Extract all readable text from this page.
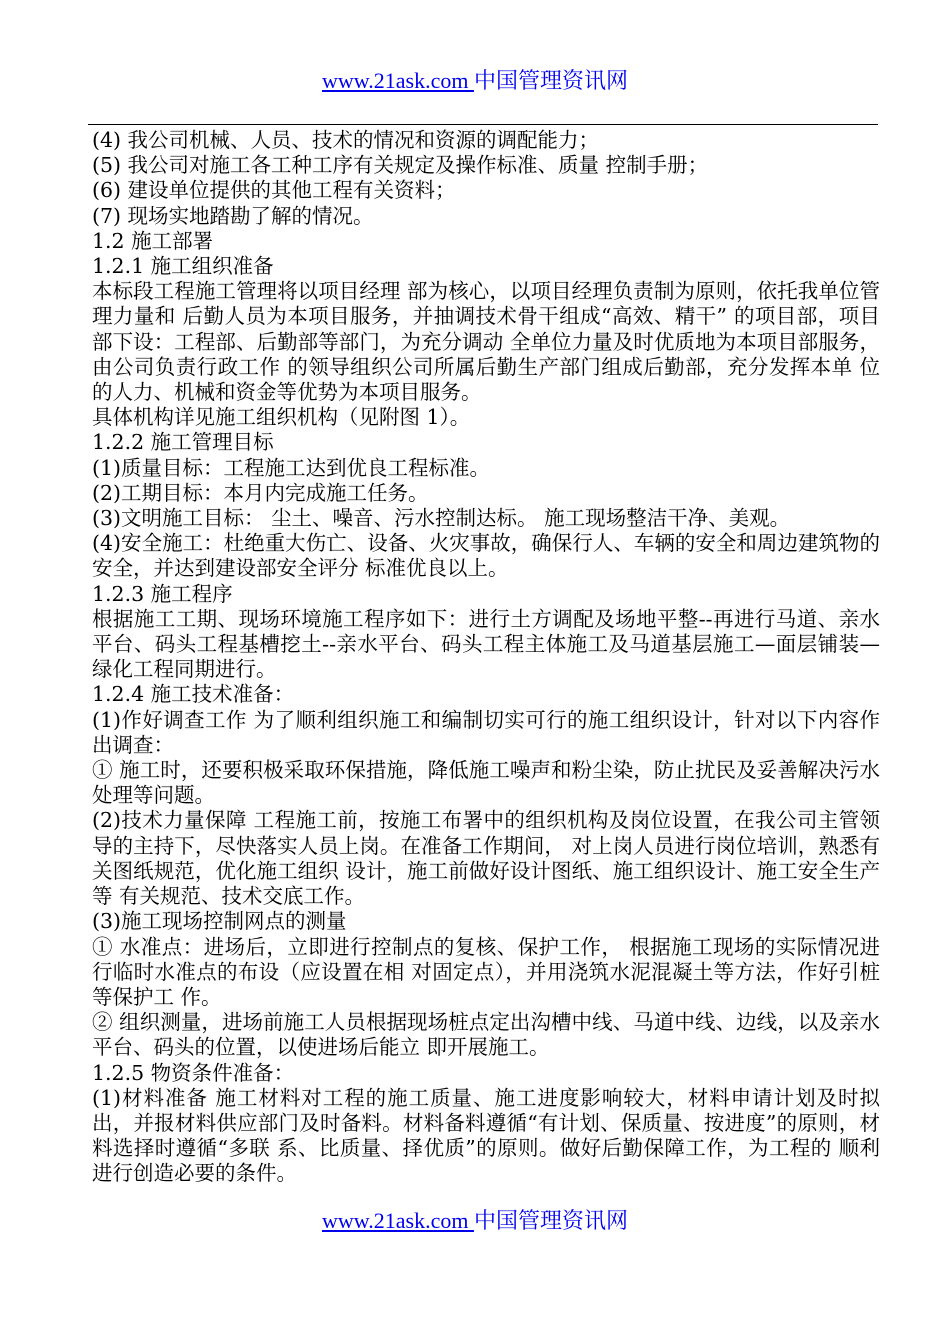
www.21ask.com 中国管理资讯网

(4) 我公司机械、人员、技术的情况和资源的调配能力；

(5) 我公司对施工各工种工序有关规定及操作标准、质量 控制手册；

(6) 建设单位提供的其他工程有关资料；

(7) 现场实地踏勘了解的情况。

1.2 施工部署

1.2.1 施工组织准备

本标段工程施工管理将以项目经理 部为核心，以项目经理负责制为原则，依托我单位管理力量和 后勤人员为本项目服务，并抽调技术骨干组成“高效、精干” 的项目部，项目部下设：工程部、后勤部等部门，为充分调动 全单位力量及时优质地为本项目部服务，由公司负责行政工作 的领导组织公司所属后勤生产部门组成后勤部，充分发挥本单 位的人力、机械和资金等优势为本项目服务。

具体机构详见施工组织机构（见附图 1）。

1.2.2 施工管理目标

(1)质量目标：工程施工达到优良工程标准。

(2)工期目标：本月内完成施工任务。

(3)文明施工目标： 尘土、噪音、污水控制达标。 施工现场整洁干净、美观。

(4)安全施工：杜绝重大伤亡、设备、火灾事故，确保行人、车辆的安全和周边建筑物的安全，并达到建设部安全评分 标准优良以上。

1.2.3 施工程序

根据施工工期、现场环境施工程序如下：进行土方调配及场地平整--再进行马道、亲水平台、码头工程基槽挖土--亲水平台、码头工程主体施工及马道基层施工—面层铺装—绿化工程同期进行。

1.2.4 施工技术准备：

(1)作好调查工作 为了顺利组织施工和编制切实可行的施工组织设计，针对以下内容作出调查：

① 施工时，还要积极采取环保措施，降低施工噪声和粉尘染，防止扰民及妥善解决污水处理等问题。

(2)技术力量保障 工程施工前，按施工布署中的组织机构及岗位设置，在我公司主管领导的主持下，尽快落实人员上岗。在准备工作期间， 对上岗人员进行岗位培训，熟悉有关图纸规范，优化施工组织 设计，施工前做好设计图纸、施工组织设计、施工安全生产等 有关规范、技术交底工作。

(3)施工现场控制网点的测量

① 水准点：进场后，立即进行控制点的复核、保护工作， 根据施工现场的实际情况进行临时水准点的布设（应设置在相 对固定点），并用浇筑水泥混凝土等方法，作好引桩等保护工 作。

② 组织测量，进场前施工人员根据现场桩点定出沟槽中线、马道中线、边线，以及亲水平台、码头的位置，以使进场后能立 即开展施工。

1.2.5 物资条件准备：

(1)材料准备 施工材料对工程的施工质量、施工进度影响较大，材料申请计划及时拟出，并报材料供应部门及时备料。材料备料遵循“有计划、保质量、按进度”的原则，材料选择时遵循“多联 系、比质量、择优质”的原则。做好后勤保障工作，为工程的 顺利进行创造必要的条件。

www.21ask.com 中国管理资讯网
